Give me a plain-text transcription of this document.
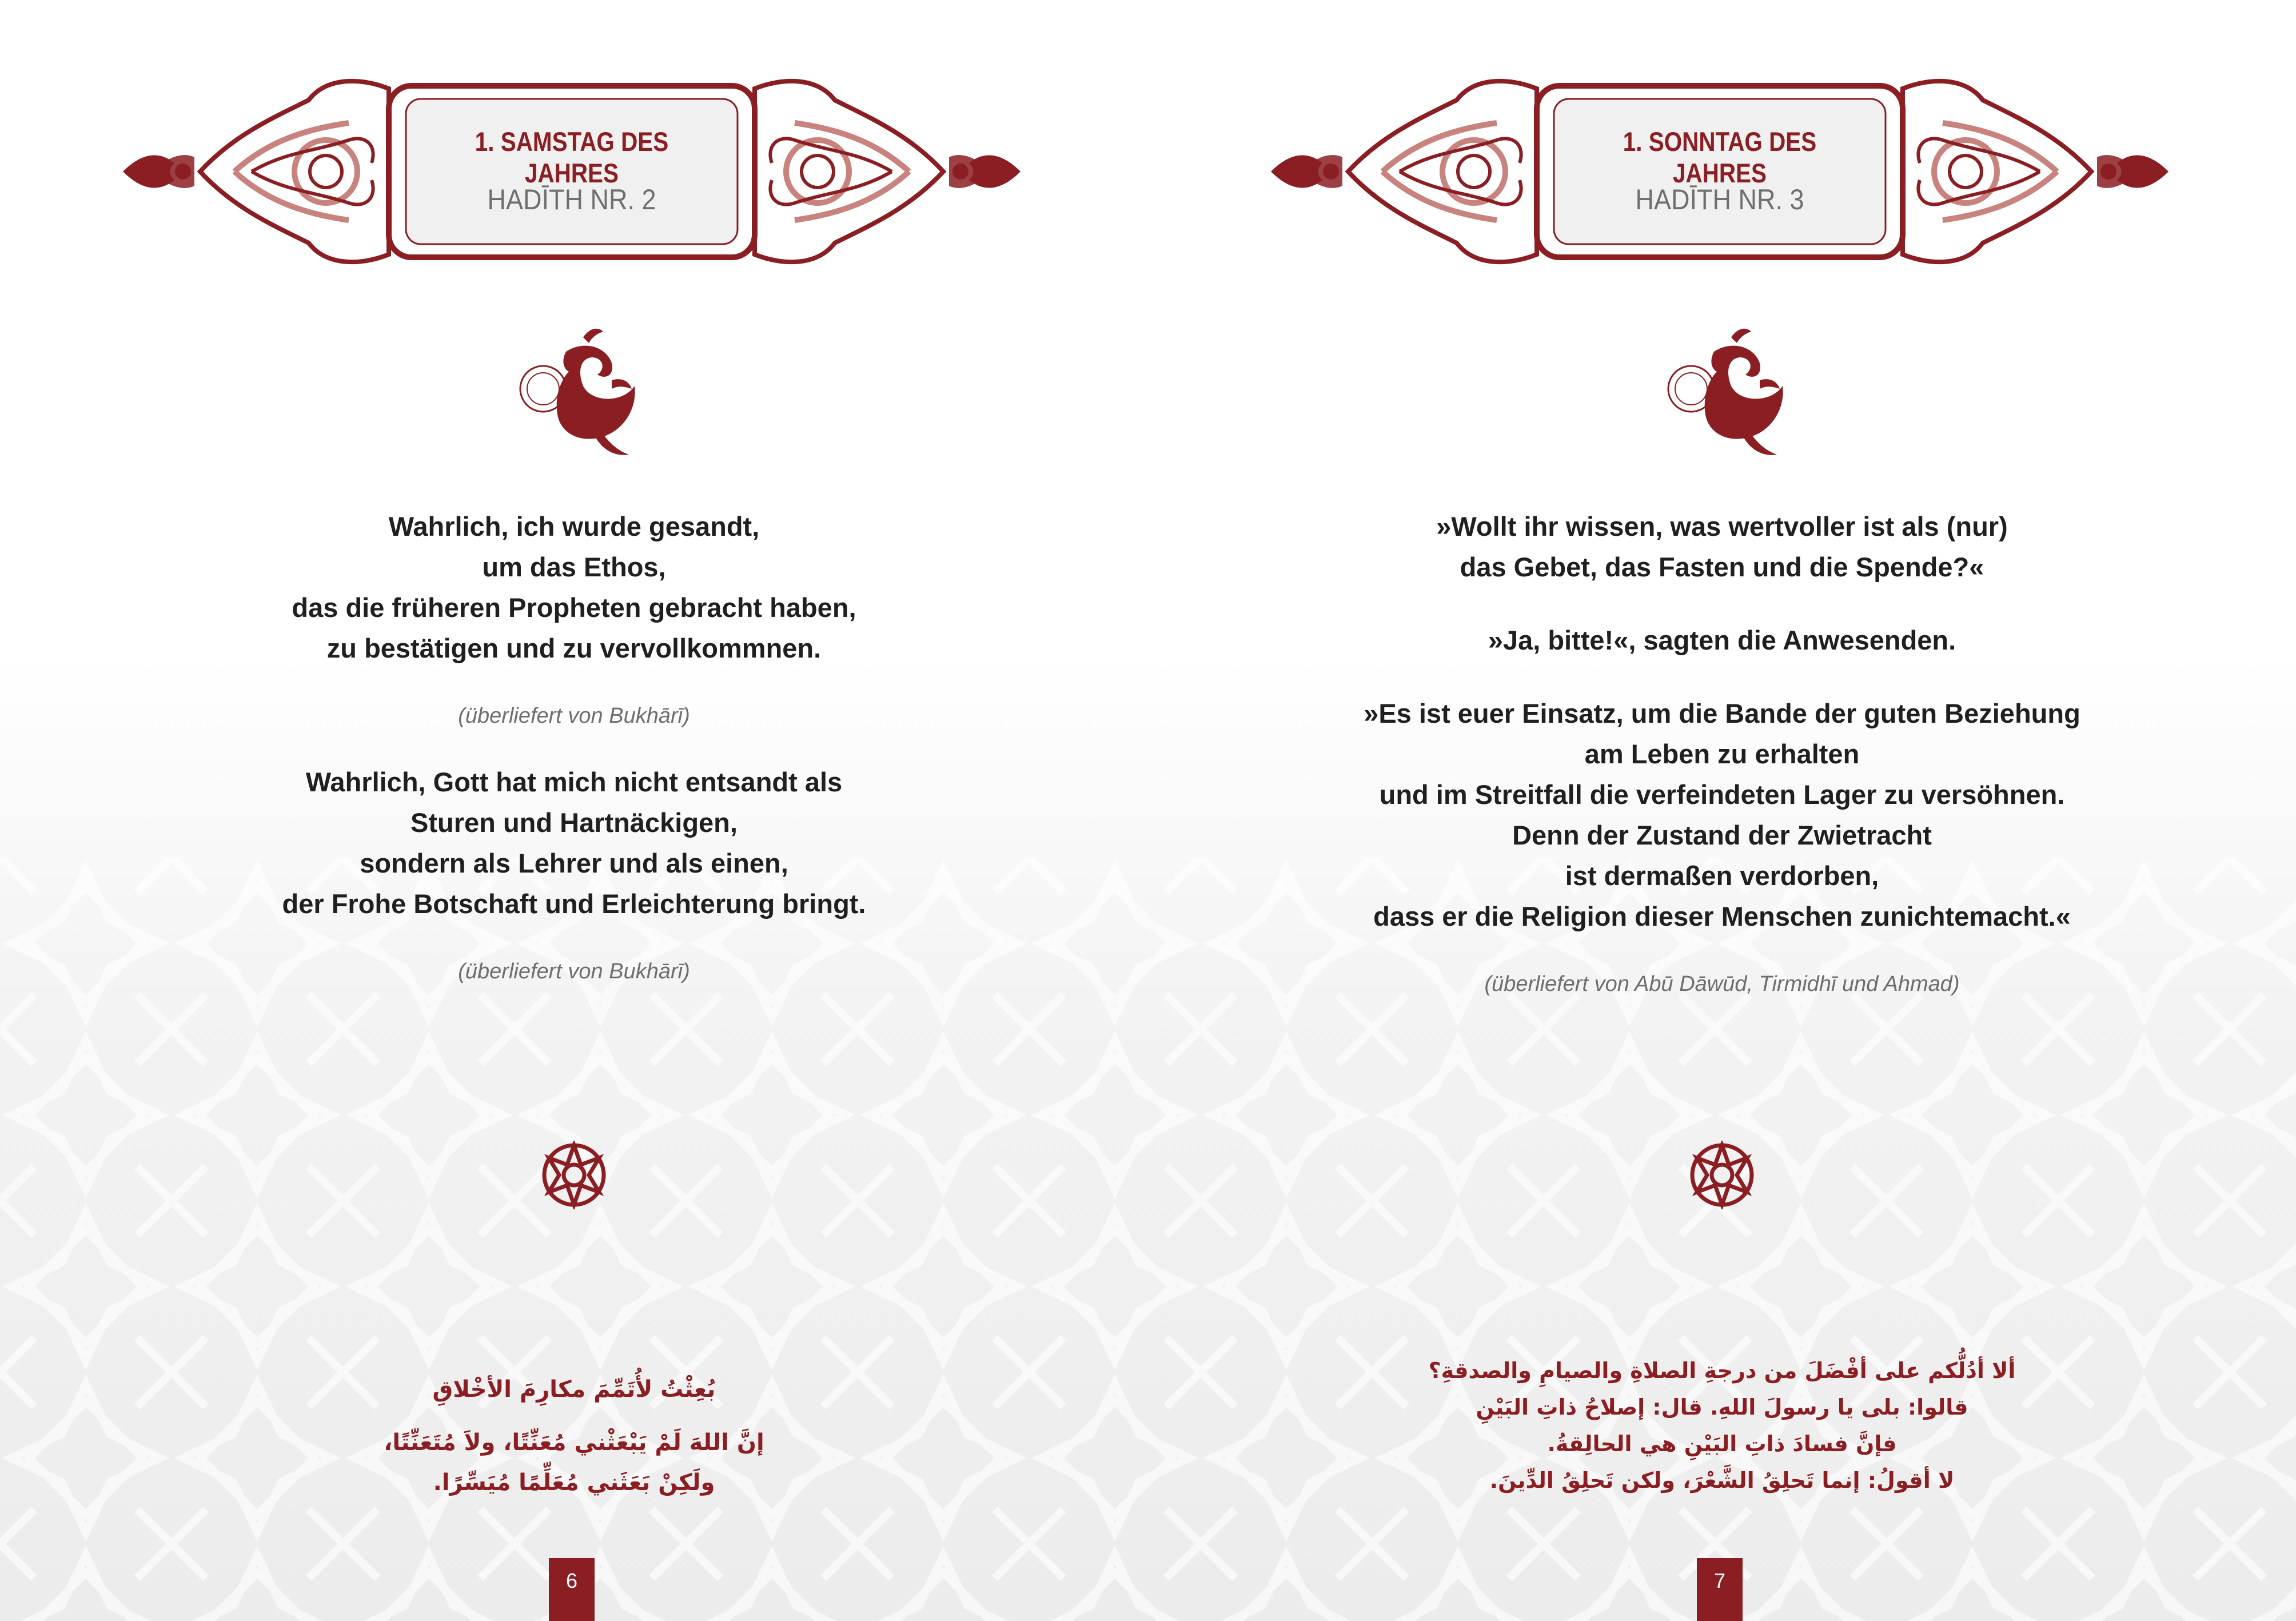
1. SAMSTAG DES JAHRES
HADĪTH NR. 2

Wahrlich, ich wurde gesandt,
um das Ethos,
das die früheren Propheten gebracht haben,
zu bestätigen und zu vervollkommnen.

(überliefert von Bukhārī)

Wahrlich, Gott hat mich nicht entsandt als
Sturen und Hartnäckigen,
sondern als Lehrer und als einen,
der Frohe Botschaft und Erleichterung bringt.

(überliefert von Bukhārī)
بُعِثْتُ لأُتَمِّمَ مكارِمَ الأخْلاقِ
إنَّ اللهَ لَمْ يَبْعَثْني مُعَنِّتًا، ولاَ مُتَعَنِّتًا،
ولَكِنْ بَعَثَني مُعَلِّمًا مُيَسِّرًا.
6
1. SONNTAG DES JAHRES
HADĪTH NR. 3

»Wollt ihr wissen, was wertvoller ist als (nur)
das Gebet, das Fasten und die Spende?«

»Ja, bitte!«, sagten die Anwesenden.

»Es ist euer Einsatz, um die Bande der guten Beziehung
am Leben zu erhalten
und im Streitfall die verfeindeten Lager zu versöhnen.
Denn der Zustand der Zwietracht
ist dermaßen verdorben,
dass er die Religion dieser Menschen zunichtemacht.«

(überliefert von Abū Dāwūd, Tirmidhī und Ahmad)
ألا أدُلُّكم على أفْضَلَ من درجةِ الصلاةِ والصيامِ والصدقةِ؟
قالوا: بلى يا رسولَ اللهِ. قال: إصلاحُ ذاتِ البَيْنِ
فإنَّ فسادَ ذاتِ البَيْنِ هي الحالِقةُ.
لا أقولُ: إنما تَحلِقُ الشَّعْرَ، ولكن تَحلِقُ الدِّينَ.
7
